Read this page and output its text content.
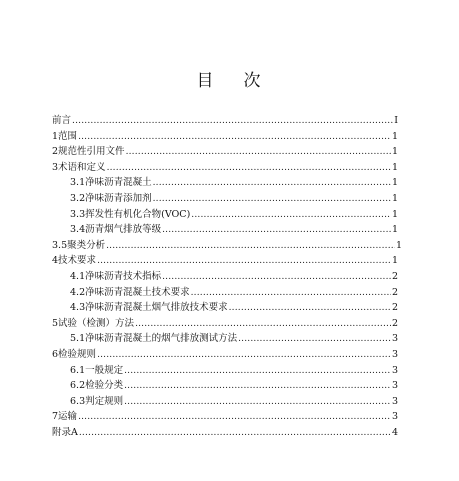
目 次
前言 .....	I
1 范围 .....	1
2 规范性引用文件 .....	1
3 术语和定义 .....	1
3.1 净味沥青混凝土 .....	1
3.2 净味沥青添加剂 .....	1
3.3 挥发性有机化合物(VOC) .....	1
3.4 沥青烟气排放等级 .....	1
3.5 聚类分析 .....	1
4 技术要求 .....	1
4.1 净味沥青技术指标 .....	2
4.2 净味沥青混凝土技术要求 .....	2
4.3 净味沥青混凝土烟气排放技术要求 .....	2
5 试验（检测）方法 .....	2
5.1 净味沥青混凝土的烟气排放测试方法 .....	3
6 检验规则 .....	3
6.1 一般规定 .....	3
6.2 检验分类 .....	3
6.3 判定规则 .....	3
7 运输 .....	3
附录A .....	4
